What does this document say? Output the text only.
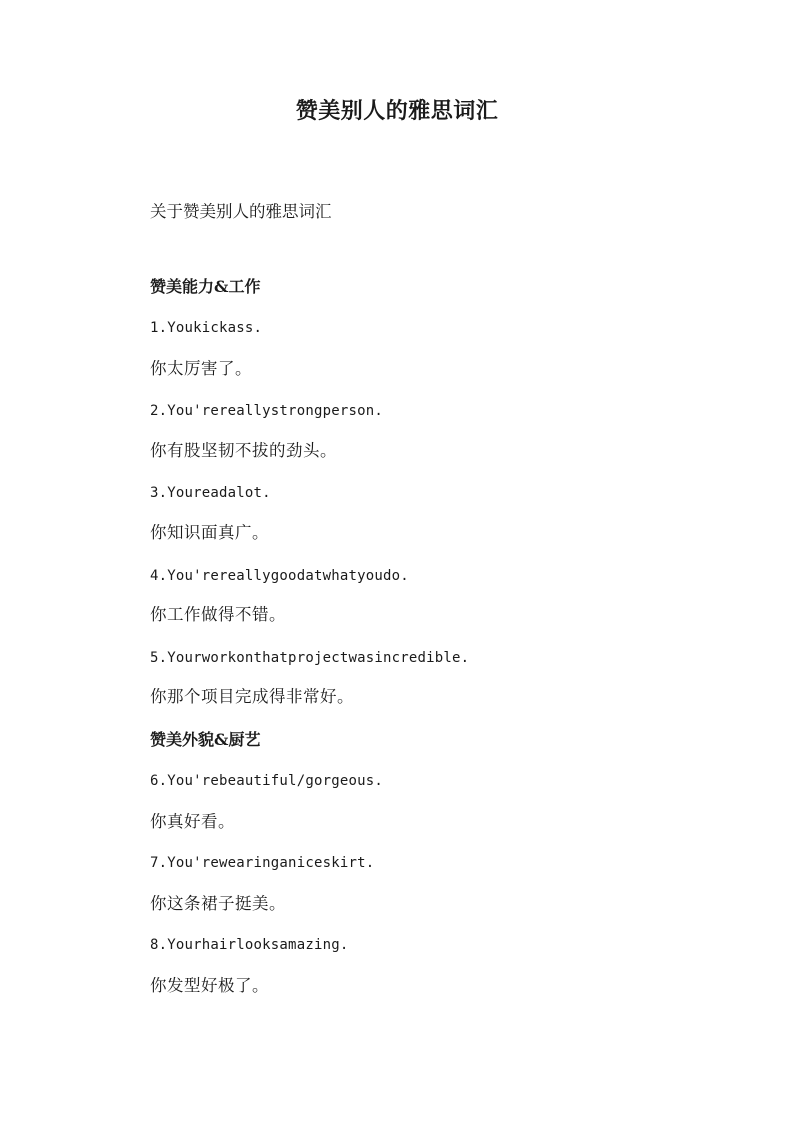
赞美别人的雅思词汇
关于赞美别人的雅思词汇
赞美能力&工作
1.Youkickass.
你太厉害了。
2.You'rereallystrongperson.
你有股坚韧不拔的劲头。
3.Youreadalot.
你知识面真广。
4.You'rereallygoodatwhatyoudo.
你工作做得不错。
5.Yourworkonthatprojectwasincredible.
你那个项目完成得非常好。
赞美外貌&厨艺
6.You'rebeautiful/gorgeous.
你真好看。
7.You'rewearinganiceskirt.
你这条裙子挺美。
8.Yourhairlooksamazing.
你发型好极了。
